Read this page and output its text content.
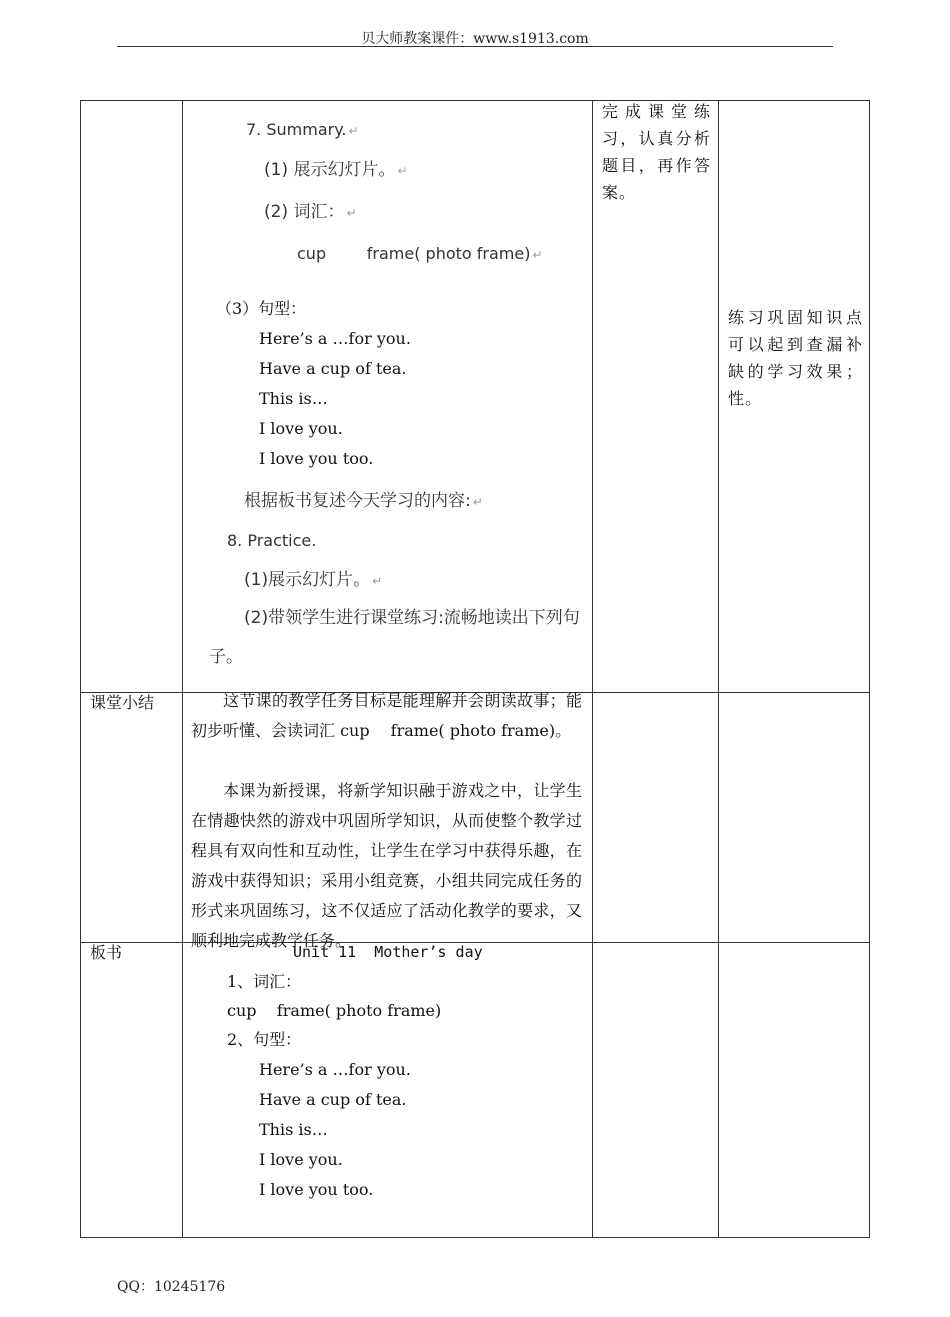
贝大师教案课件：www.s1913.com
7. Summary. ↵
(1) 展示幻灯片。 ↵
(2) 词汇： ↵
cup        frame( photo frame) ↵
（3）句型：
Here’s a …for you.
Have a cup of tea.
This is…
I love you.
I love you too.
根据板书复述今天学习的内容: ↵
8. Practice.
(1)展示幻灯片。 ↵
(2)带领学生进行课堂练习:流畅地读出下列句
子。
完成课堂练习，认真分析题目，再作答案。
练习巩固知识点可以起到查漏补缺的学习效果；性。
课堂小结	这节课的教学任务目标是能理解并会朗读故事；能初步听懂、会读词汇 cup　 frame( photo frame)。
本课为新授课，将新学知识融于游戏之中，让学生在情趣快然的游戏中巩固所学知识，从而使整个教学过程具有双向性和互动性，让学生在学习中获得乐趣，在游戏中获得知识；采用小组竞赛，小组共同完成任务的形式来巩固练习，这不仅适应了活动化教学的要求，又顺利地完成教学任务。
板书	Unit 11  Mother’s day
1、词汇：
cup    frame( photo frame)
2、句型：
Here’s a …for you.
Have a cup of tea.
This is…
I love you.
I love you too.
QQ：10245176
